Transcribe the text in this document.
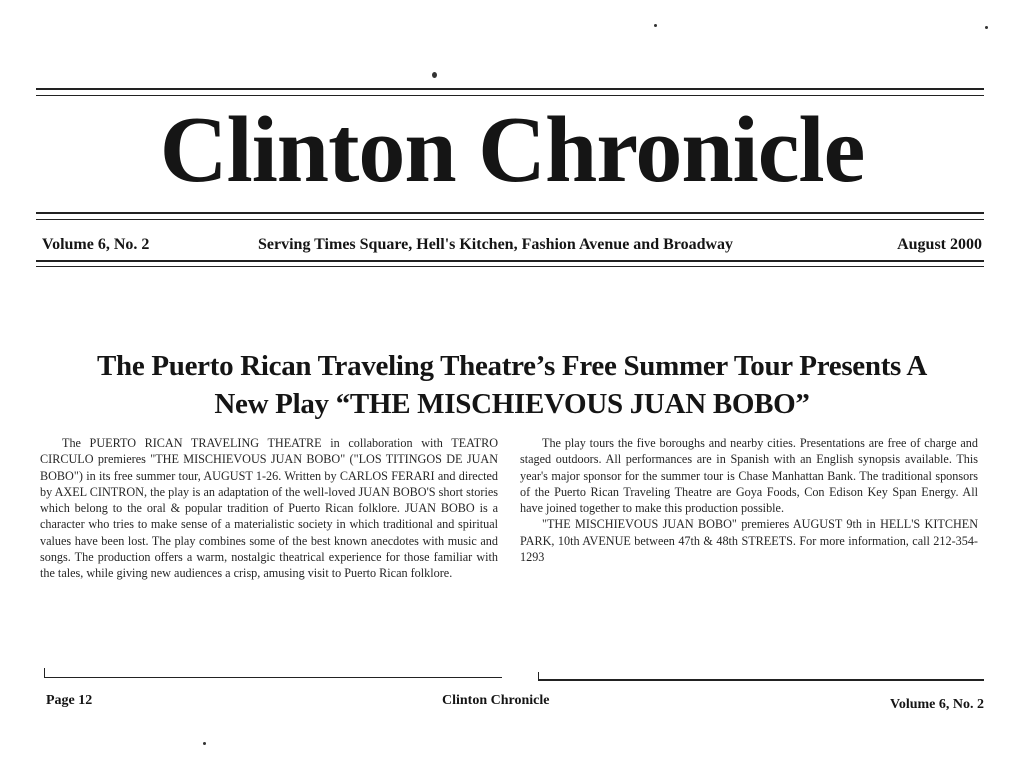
Clinton Chronicle
Volume 6, No. 2	Serving Times Square, Hell's Kitchen, Fashion Avenue and Broadway	August 2000
The Puerto Rican Traveling Theatre’s Free Summer Tour Presents A
New Play “THE MISCHIEVOUS JUAN BOBO”

The PUERTO RICAN TRAVELING THEATRE in collaboration with TEATRO CIRCULO premieres "THE MISCHIEVOUS JUAN BOBO" ("LOS TITINGOS DE JUAN BOBO") in its free summer tour, AUGUST 1-26. Written by CARLOS FERARI and directed by AXEL CINTRON, the play is an adaptation of the well-loved JUAN BOBO'S short stories which belong to the oral & popular tradition of Puerto Rican folklore. JUAN BOBO is a character who tries to make sense of a materialistic society in which traditional and spiritual values have been lost. The play combines some of the best known anecdotes with music and songs. The production offers a warm, nostalgic theatrical experience for those familiar with the tales, while giving new audiences a crisp, amusing visit to Puerto Rican folklore.

The play tours the five boroughs and nearby cities. Presentations are free of charge and staged outdoors. All performances are in Spanish with an English synopsis available. This year's major sponsor for the summer tour is Chase Manhattan Bank. The traditional sponsors of the Puerto Rican Traveling Theatre are Goya Foods, Con Edison Key Span Energy. All have joined together to make this production possible.

"THE MISCHIEVOUS JUAN BOBO" premieres AUGUST 9th in HELL'S KITCHEN PARK, 10th AVENUE between 47th & 48th STREETS. For more information, call 212-354-1293

Page 12	Clinton Chronicle	Volume 6, No. 2
